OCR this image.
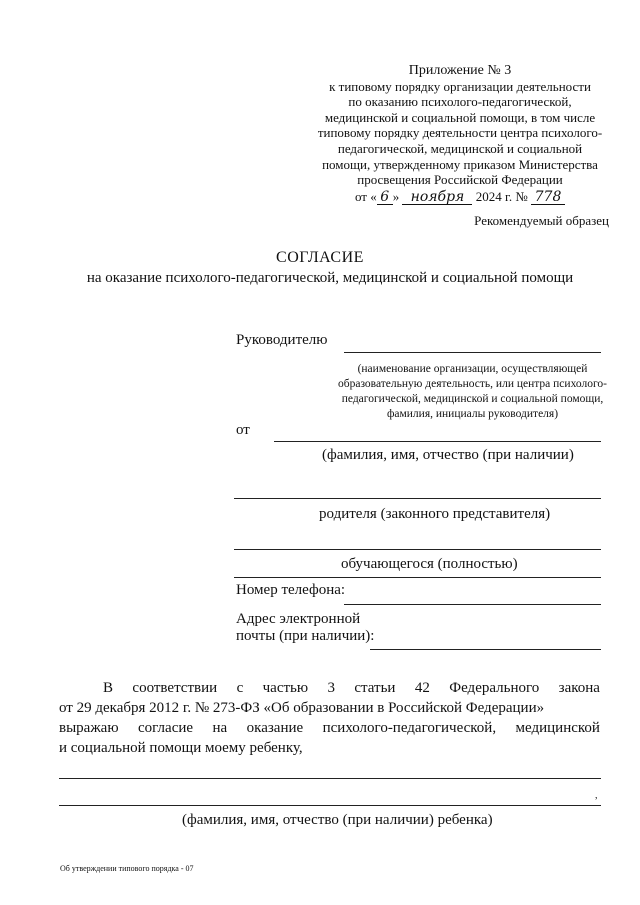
Приложение № 3
к типовому порядку организации деятельности
по оказанию психолого-педагогической,
медицинской и социальной помощи, в том числе
типовому порядку деятельности центра психолого-
педагогической, медицинской и социальной
помощи, утвержденному приказом Министерства
просвещения Российской Федерации
от « 6 » ноября 2024 г. № 778
Рекомендуемый образец
СОГЛАСИЕ
на оказание психолого-педагогической, медицинской и социальной помощи
Руководителю
(наименование организации, осуществляющей
образовательную деятельность, или центра психолого-
педагогической, медицинской и социальной помощи,
фамилия, инициалы руководителя)
от
(фамилия, имя, отчество (при наличии)
родителя (законного представителя)
обучающегося (полностью)
Номер телефона:
Адрес электронной
почты (при наличии):
В соответствии с частью 3 статьи 42 Федерального закона
от 29 декабря 2012 г. № 273-ФЗ «Об образовании в Российской Федерации»
выражаю согласие на оказание психолого-педагогической, медицинской
и социальной помощи моему ребенку,
,
(фамилия, имя, отчество (при наличии) ребенка)
Об утверждении типового порядка - 07
